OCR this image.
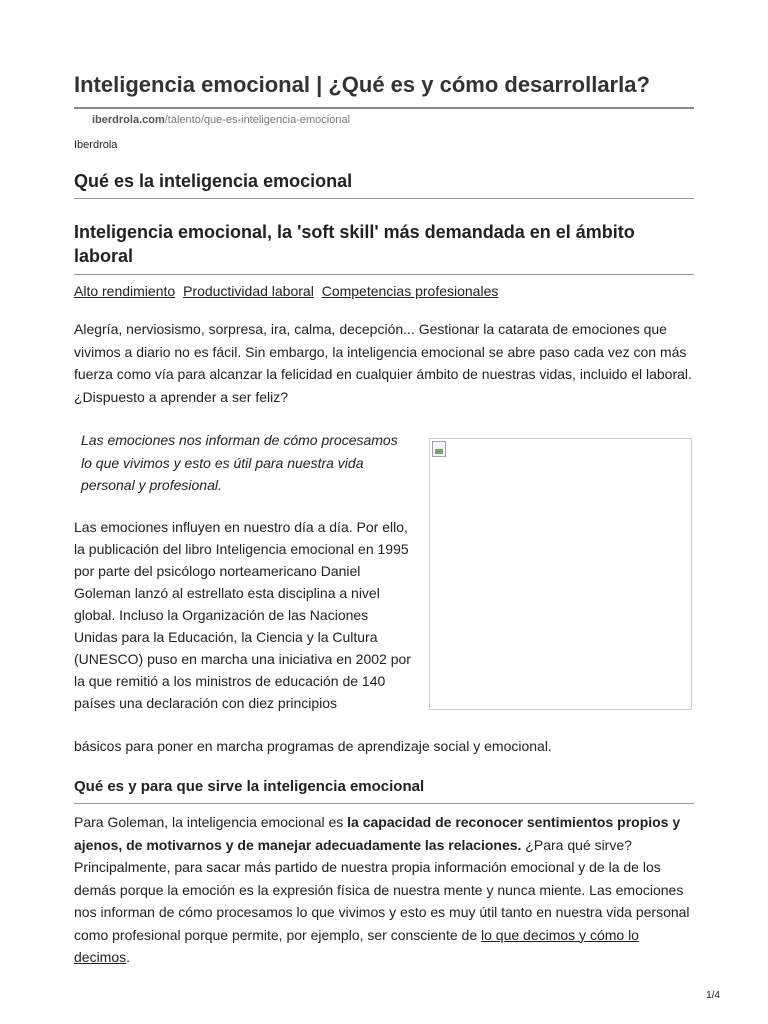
Inteligencia emocional | ¿Qué es y cómo desarrollarla?
iberdrola.com/talento/que-es-inteligencia-emocional
Iberdrola
Qué es la inteligencia emocional
Inteligencia emocional, la 'soft skill' más demandada en el ámbito laboral
Alto rendimiento Productividad laboral Competencias profesionales

Alegría, nerviosismo, sorpresa, ira, calma, decepción... Gestionar la catarata de emociones que vivimos a diario no es fácil. Sin embargo, la inteligencia emocional se abre paso cada vez con más fuerza como vía para alcanzar la felicidad en cualquier ámbito de nuestras vidas, incluido el laboral. ¿Dispuesto a aprender a ser feliz?

Las emociones nos informan de cómo procesamos lo que vivimos y esto es útil para nuestra vida personal y profesional.

Las emociones influyen en nuestro día a día. Por ello, la publicación del libro Inteligencia emocional en 1995 por parte del psicólogo norteamericano Daniel Goleman lanzó al estrellato esta disciplina a nivel global. Incluso la Organización de las Naciones Unidas para la Educación, la Ciencia y la Cultura (UNESCO) puso en marcha una iniciativa en 2002 por la que remitió a los ministros de educación de 140 países una declaración con diez principios

básicos para poner en marcha programas de aprendizaje social y emocional.

Qué es y para que sirve la inteligencia emocional

Para Goleman, la inteligencia emocional es la capacidad de reconocer sentimientos propios y ajenos, de motivarnos y de manejar adecuadamente las relaciones. ¿Para qué sirve? Principalmente, para sacar más partido de nuestra propia información emocional y de la de los demás porque la emoción es la expresión física de nuestra mente y nunca miente. Las emociones nos informan de cómo procesamos lo que vivimos y esto es muy útil tanto en nuestra vida personal como profesional porque permite, por ejemplo, ser consciente de lo que decimos y cómo lo decimos.

1/4
